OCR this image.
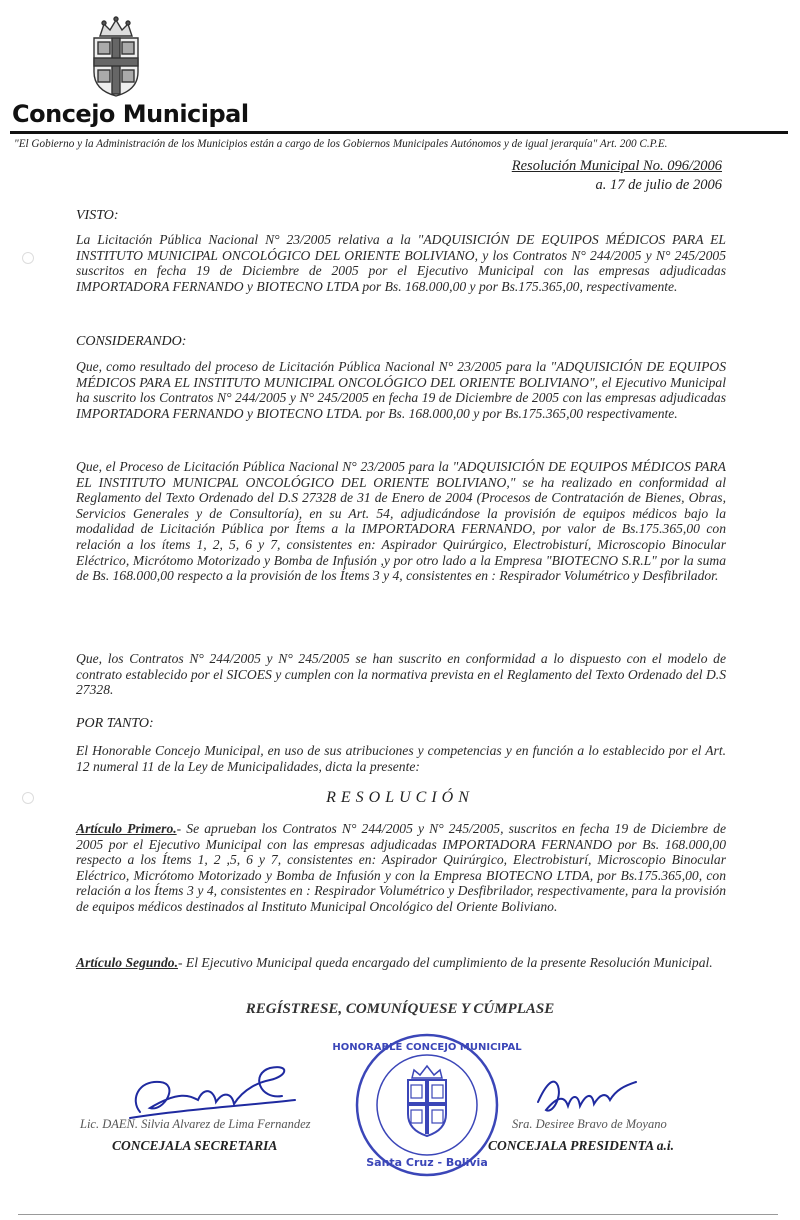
Concejo Municipal
"El Gobierno y la Administración de los Municipios están a cargo de los Gobiernos Municipales Autónomos y de igual jerarquía" Art. 200 C.P.E.
Resolución Municipal No. 096/2006
a. 17 de julio de 2006

VISTO:

La Licitación Pública Nacional N° 23/2005 relativa a la "ADQUISICIÓN DE EQUIPOS MÉDICOS PARA EL INSTITUTO MUNICIPAL ONCOLÓGICO DEL ORIENTE BOLIVIANO, y los Contratos N° 244/2005 y N° 245/2005 suscritos en fecha 19 de Diciembre de 2005 por el Ejecutivo Municipal con las empresas adjudicadas IMPORTADORA FERNANDO y BIOTECNO LTDA por Bs. 168.000,00 y por Bs.175.365,00, respectivamente.

CONSIDERANDO:

Que, como resultado del proceso de Licitación Pública Nacional N° 23/2005 para la "ADQUISICIÓN DE EQUIPOS MÉDICOS PARA EL INSTITUTO MUNICIPAL ONCOLÓGICO DEL ORIENTE BOLIVIANO", el Ejecutivo Municipal ha suscrito los Contratos N° 244/2005 y N° 245/2005 en fecha 19 de Diciembre de 2005 con las empresas adjudicadas IMPORTADORA FERNANDO y BIOTECNO LTDA. por Bs. 168.000,00 y por Bs.175.365,00 respectivamente.

Que, el Proceso de Licitación Pública Nacional N° 23/2005 para la "ADQUISICIÓN DE EQUIPOS MÉDICOS PARA EL INSTITUTO MUNICPAL ONCOLÓGICO DEL ORIENTE BOLIVIANO," se ha realizado en conformidad al Reglamento del Texto Ordenado del D.S 27328 de 31 de Enero de 2004 (Procesos de Contratación de Bienes, Obras, Servicios Generales y de Consultoría), en su Art. 54, adjudicándose la provisión de equipos médicos bajo la modalidad de Licitación Pública por Ítems a la IMPORTADORA FERNANDO, por valor de Bs.175.365,00 con relación a los ítems 1, 2, 5, 6 y 7, consistentes en: Aspirador Quirúrgico, Electrobisturí, Microscopio Binocular Eléctrico, Micrótomo Motorizado y Bomba de Infusión ,y por otro lado a la Empresa "BIOTECNO S.R.L" por la suma de Bs. 168.000,00 respecto a la provisión de los Ítems 3 y 4, consistentes en : Respirador Volumétrico y Desfibrilador.

Que, los Contratos N° 244/2005 y N° 245/2005 se han suscrito en conformidad a lo dispuesto con el modelo de contrato establecido por el SICOES y cumplen con la normativa prevista en el Reglamento del Texto Ordenado del D.S 27328.

POR TANTO:

El Honorable Concejo Municipal, en uso de sus atribuciones y competencias y en función a lo establecido por el Art. 12 numeral 11 de la Ley de Municipalidades, dicta la presente:

RESOLUCIÓN

Artículo Primero.- Se aprueban los Contratos N° 244/2005 y N° 245/2005, suscritos en fecha 19 de Diciembre de 2005 por el Ejecutivo Municipal con las empresas adjudicadas IMPORTADORA FERNANDO por Bs. 168.000,00 respecto a los Ítems 1, 2 ,5, 6 y 7, consistentes en: Aspirador Quirúrgico, Electrobisturí, Microscopio Binocular Eléctrico, Micrótomo Motorizado y Bomba de Infusión y con la Empresa BIOTECNO LTDA, por Bs.175.365,00, con relación a los Ítems 3 y 4, consistentes en : Respirador Volumétrico y Desfibrilador, respectivamente, para la provisión de equipos médicos destinados al Instituto Municipal Oncológico del Oriente Boliviano.

Artículo Segundo.- El Ejecutivo Municipal queda encargado del cumplimiento de la presente Resolución Municipal.

REGÍSTRESE, COMUNÍQUESE Y CÚMPLASE
HONORABLE CONCEJO MUNICIPAL
Santa Cruz - Bolivia
Lic. DAEN. Silvia Alvarez de Lima Fernandez
CONCEJALA SECRETARIA
Sra. Desiree Bravo de Moyano
CONCEJALA PRESIDENTA a.i.
